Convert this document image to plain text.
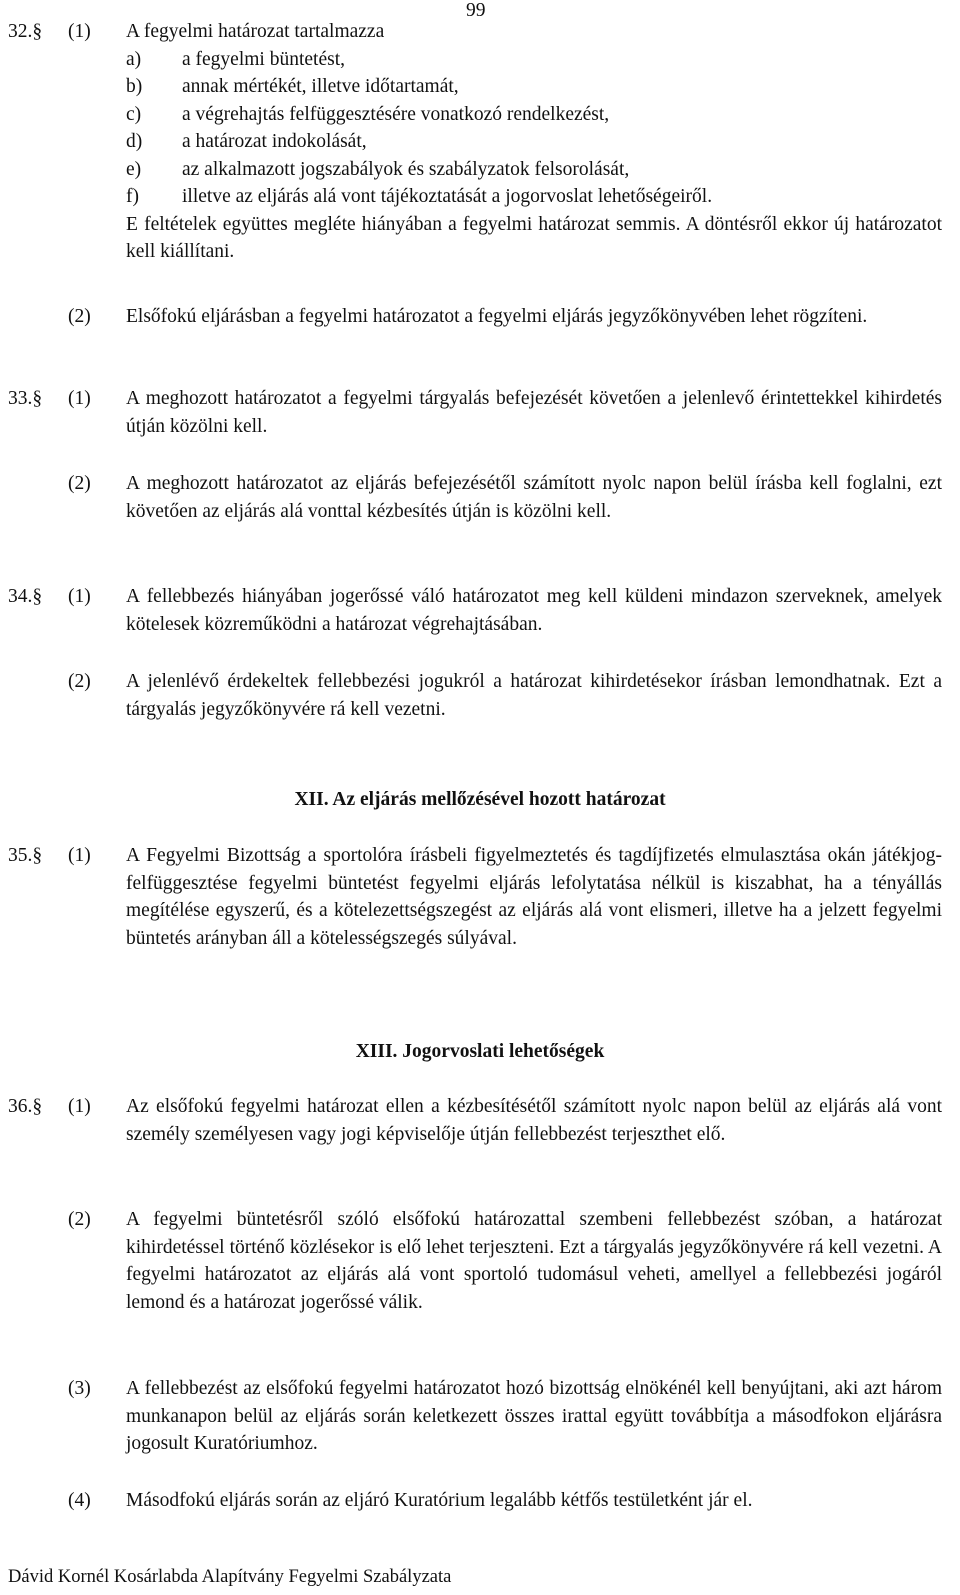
99
32.§ (1) A fegyelmi határozat tartalmazza

a) a fegyelmi büntetést,
b) annak mértékét, illetve időtartamát,
c) a végrehajtás felfüggesztésére vonatkozó rendelkezést,
d) a határozat indokolását,
e) az alkalmazott jogszabályok és szabályzatok felsorolását,
f) illetve az eljárás alá vont tájékoztatását a jogorvoslat lehetőségeiről.

E feltételek együttes megléte hiányában a fegyelmi határozat semmis. A döntésről ekkor új határozatot kell kiállítani.

(2) Elsőfokú eljárásban a fegyelmi határozatot a fegyelmi eljárás jegyzőkönyvében lehet rögzíteni.

33.§ (1) A meghozott határozatot a fegyelmi tárgyalás befejezését követően a jelenlevő érintettekkel kihirdetés útján közölni kell.

(2) A meghozott határozatot az eljárás befejezésétől számított nyolc napon belül írásba kell foglalni, ezt követően az eljárás alá vonttal kézbesítés útján is közölni kell.

34.§ (1) A fellebbezés hiányában jogerőssé váló határozatot meg kell küldeni mindazon szerveknek, amelyek kötelesek közreműködni a határozat végrehajtásában.

(2) A jelenlévő érdekeltek fellebbezési jogukról a határozat kihirdetésekor írásban lemondhatnak. Ezt a tárgyalás jegyzőkönyvére rá kell vezetni.

XII. Az eljárás mellőzésével hozott határozat
35.§ (1) A Fegyelmi Bizottság a sportolóra írásbeli figyelmeztetés és tagdíjfizetés elmulasztása okán játékjog-felfüggesztése fegyelmi büntetést fegyelmi eljárás lefolytatása nélkül is kiszabhat, ha a tényállás megítélése egyszerű, és a kötelezettségszegést az eljárás alá vont elismeri, illetve ha a jelzett fegyelmi büntetés arányban áll a kötelességszegés súlyával.

XIII. Jogorvoslati lehetőségek
36.§ (1) Az elsőfokú fegyelmi határozat ellen a kézbesítésétől számított nyolc napon belül az eljárás alá vont személy személyesen vagy jogi képviselője útján fellebbezést terjeszthet elő.

(2) A fegyelmi büntetésről szóló elsőfokú határozattal szembeni fellebbezést szóban, a határozat kihirdetéssel történő közlésekor is elő lehet terjeszteni. Ezt a tárgyalás jegyzőkönyvére rá kell vezetni. A fegyelmi határozatot az eljárás alá vont sportoló tudomásul veheti, amellyel a fellebbezési jogáról lemond és a határozat jogerőssé válik.

(3) A fellebbezést az elsőfokú fegyelmi határozatot hozó bizottság elnökénél kell benyújtani, aki azt három munkanapon belül az eljárás során keletkezett összes irattal együtt továbbítja a másodfokon eljárásra jogosult Kuratóriumhoz.

(4) Másodfokú eljárás során az eljáró Kuratórium legalább kétfős testületként jár el.

Dávid Kornél Kosárlabda Alapítvány Fegyelmi Szabályzata
